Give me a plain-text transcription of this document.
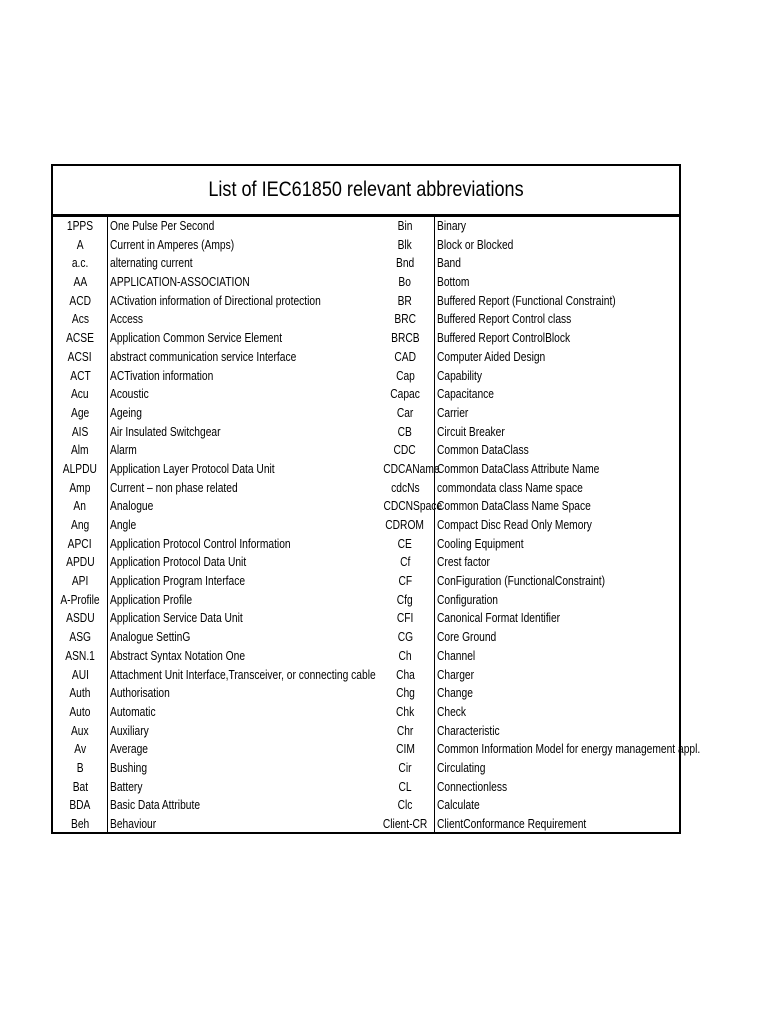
List of IEC61850 relevant abbreviations
1PPS
A
a.c.
AA
ACD
Acs
ACSE
ACSI
ACT
Acu
Age
AIS
Alm
ALPDU
Amp
An
Ang
APCI
APDU
API
A-Profile
ASDU
ASG
ASN.1
AUI
Auth
Auto
Aux
Av
B
Bat
BDA
Beh
One Pulse Per Second
Current in Amperes (Amps)
alternating current
APPLICATION-ASSOCIATION
ACtivation information of Directional protection
Access
Application Common Service Element
abstract communication service Interface
ACTivation information
Acoustic
Ageing
Air Insulated Switchgear
Alarm
Application Layer Protocol Data Unit
Current – non phase related
Analogue
Angle
Application Protocol Control Information
Application Protocol Data Unit
Application Program Interface
Application Profile
Application Service Data Unit
Analogue SettinG
Abstract Syntax Notation One
Attachment Unit Interface,Transceiver, or connecting cable
Authorisation
Automatic
Auxiliary
Average
Bushing
Battery
Basic Data Attribute
Behaviour
Bin
Blk
Bnd
Bo
BR
BRC
BRCB
CAD
Cap
Capac
Car
CB
CDC
CDCAName
cdcNs
CDCNSpace
CDROM
CE
Cf
CF
Cfg
CFI
CG
Ch
Cha
Chg
Chk
Chr
CIM
Cir
CL
Clc
Client-CR
Binary
Block or Blocked
Band
Bottom
Buffered Report (Functional Constraint)
Buffered Report Control class
Buffered Report ControlBlock
Computer Aided Design
Capability
Capacitance
Carrier
Circuit Breaker
Common DataClass
Common DataClass Attribute Name
commondata class Name space
Common DataClass Name Space
Compact Disc Read Only Memory
Cooling Equipment
Crest factor
ConFiguration (FunctionalConstraint)
Configuration
Canonical Format Identifier
Core Ground
Channel
Charger
Change
Check
Characteristic
Common Information Model for energy management appl.
Circulating
Connectionless
Calculate
ClientConformance Requirement
